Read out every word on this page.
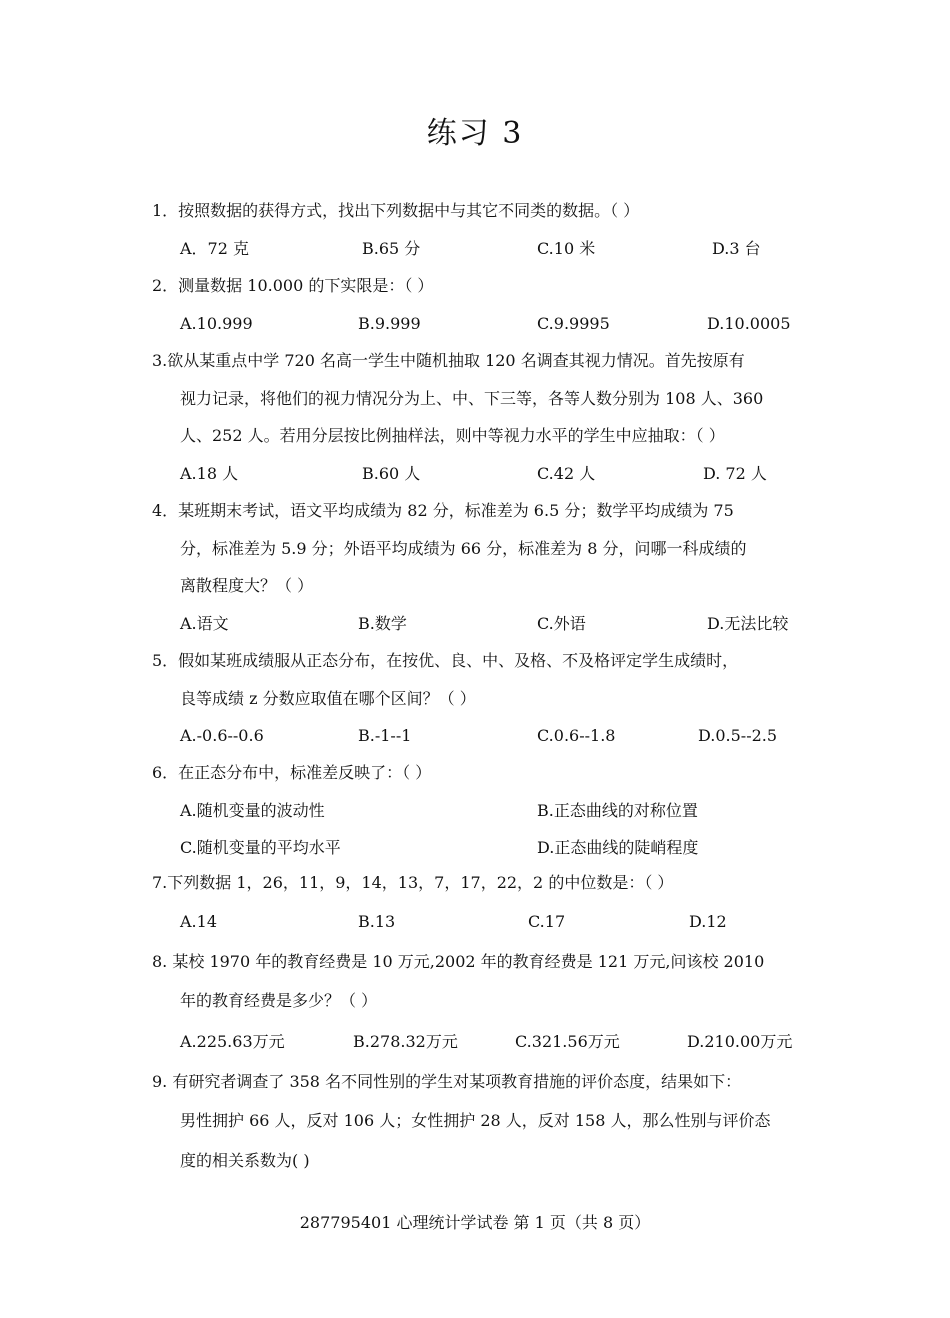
练习 3
1．按照数据的获得方式，找出下列数据中与其它不同类的数据。（ ）
A．72 克	B.65 分	C.10 米	D.3 台
2．测量数据 10.000 的下实限是：（ ）
A.10.999	B.9.999	C.9.9995	D.10.0005
3.欲从某重点中学 720 名高一学生中随机抽取 120 名调查其视力情况。首先按原有
视力记录，将他们的视力情况分为上、中、下三等，各等人数分别为 108 人、360
人、252 人。若用分层按比例抽样法，则中等视力水平的学生中应抽取：（ ）
A.18 人	B.60 人	C.42 人	D. 72 人
4．某班期末考试，语文平均成绩为 82 分，标准差为 6.5 分；数学平均成绩为 75
分，标准差为 5.9 分；外语平均成绩为 66 分，标准差为 8 分，问哪一科成绩的
离散程度大？（ ）
A.语文	B.数学	C.外语	D.无法比较
5．假如某班成绩服从正态分布，在按优、良、中、及格、不及格评定学生成绩时，
良等成绩 z 分数应取值在哪个区间？（ ）
A.-0.6--0.6	B.-1--1	C.0.6--1.8	D.0.5--2.5
6．在正态分布中，标准差反映了：（ ）
A.随机变量的波动性	B.正态曲线的对称位置
C.随机变量的平均水平	D.正态曲线的陡峭程度
7.下列数据 1，26，11，9，14，13，7，17，22，2 的中位数是：（ ）
A.14	B.13	C.17	D.12
8. 某校 1970 年的教育经费是 10 万元,2002 年的教育经费是 121 万元,问该校 2010
年的教育经费是多少？（ ）
A.225.63万元	B.278.32万元	C.321.56万元	D.210.00万元
9. 有研究者调查了 358 名不同性别的学生对某项教育措施的评价态度，结果如下：
男性拥护 66 人，反对 106 人；女性拥护 28 人，反对 158 人，那么性别与评价态
度的相关系数为( )
287795401 心理统计学试卷 第 1 页（共 8 页）
